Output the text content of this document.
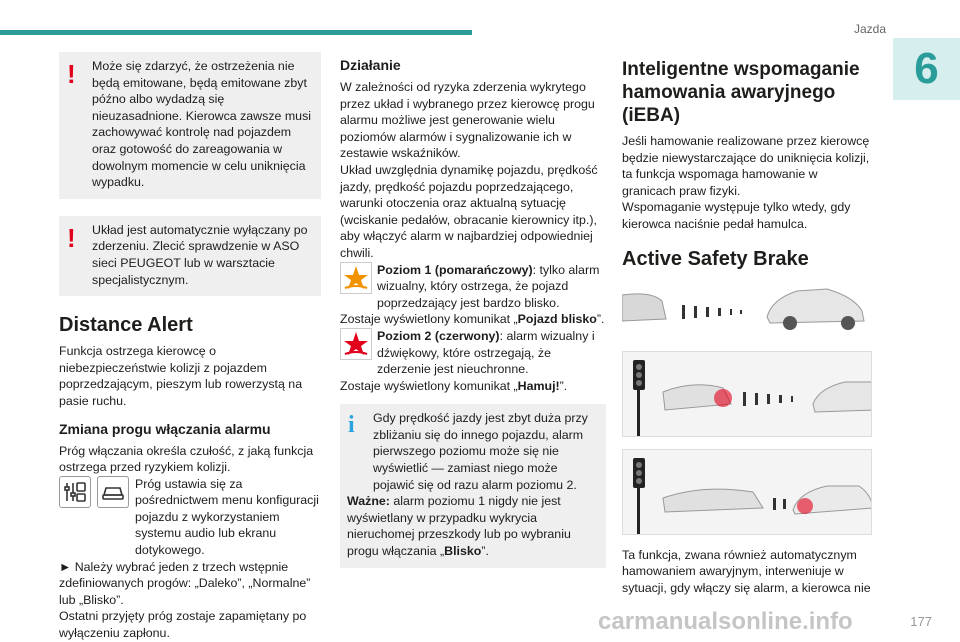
Jazda
6
!	Może się zdarzyć, że ostrzeżenia nie będą emitowane, będą emitowane zbyt późno albo wydadzą się nieuzasadnione. Kierowca zawsze musi zachowywać kontrolę nad pojazdem oraz gotowość do zareagowania w dowolnym momencie w celu uniknięcia wypadku.
!	Układ jest automatycznie wyłączany po zderzeniu. Zlecić sprawdzenie w ASO sieci PEUGEOT lub w warsztacie specjalistycznym.
Distance Alert

Funkcja ostrzega kierowcę o niebezpieczeństwie kolizji z pojazdem poprzedzającym, pieszym lub rowerzystą na pasie ruchu.

Zmiana progu włączania alarmu

Próg włączania określa czułość, z jaką funkcja ostrzega przed ryzykiem kolizji.

Próg ustawia się za pośrednictwem menu konfiguracji pojazdu z wykorzystaniem systemu audio lub ekranu dotykowego.

► Należy wybrać jeden z trzech wstępnie zdefiniowanych progów: „Daleko”, „Normalne” lub „Blisko”.

Ostatni przyjęty próg zostaje zapamiętany po wyłączeniu zapłonu.

Działanie

W zależności od ryzyka zderzenia wykrytego przez układ i wybranego przez kierowcę progu alarmu możliwe jest generowanie wielu poziomów alarmów i sygnalizowanie ich w zestawie wskaźników.

Układ uwzględnia dynamikę pojazdu, prędkość jazdy, prędkość pojazdu poprzedzającego, warunki otoczenia oraz aktualną sytuację (wciskanie pedałów, obracanie kierownicy itp.), aby włączyć alarm w najbardziej odpowiedniej chwili.

Poziom 1 (pomarańczowy): tylko alarm wizualny, który ostrzega, że pojazd poprzedzający jest bardzo blisko.

Zostaje wyświetlony komunikat „Pojazd blisko”.

Poziom 2 (czerwony): alarm wizualny i dźwiękowy, które ostrzegają, że zderzenie jest nieuchronne.

Zostaje wyświetlony komunikat „Hamuj!”.

i	Gdy prędkość jazdy jest zbyt duża przy zbliżaniu się do innego pojazdu, alarm pierwszego poziomu może się nie wyświetlić — zamiast niego może pojawić się od razu alarm poziomu 2.
Ważne: alarm poziomu 1 nigdy nie jest wyświetlany w przypadku wykrycia nieruchomej przeszkody lub po wybraniu progu włączania „Blisko”.
Inteligentne wspomaganie hamowania awaryjnego (iEBA)

Jeśli hamowanie realizowane przez kierowcę będzie niewystarczające do uniknięcia kolizji, ta funkcja wspomaga hamowanie w granicach praw fizyki.

Wspomaganie występuje tylko wtedy, gdy kierowca naciśnie pedał hamulca.

Active Safety Brake

Ta funkcja, zwana również automatycznym hamowaniem awaryjnym, interweniuje w sytuacji, gdy włączy się alarm, a kierowca nie

carmanualsonline.info	177
